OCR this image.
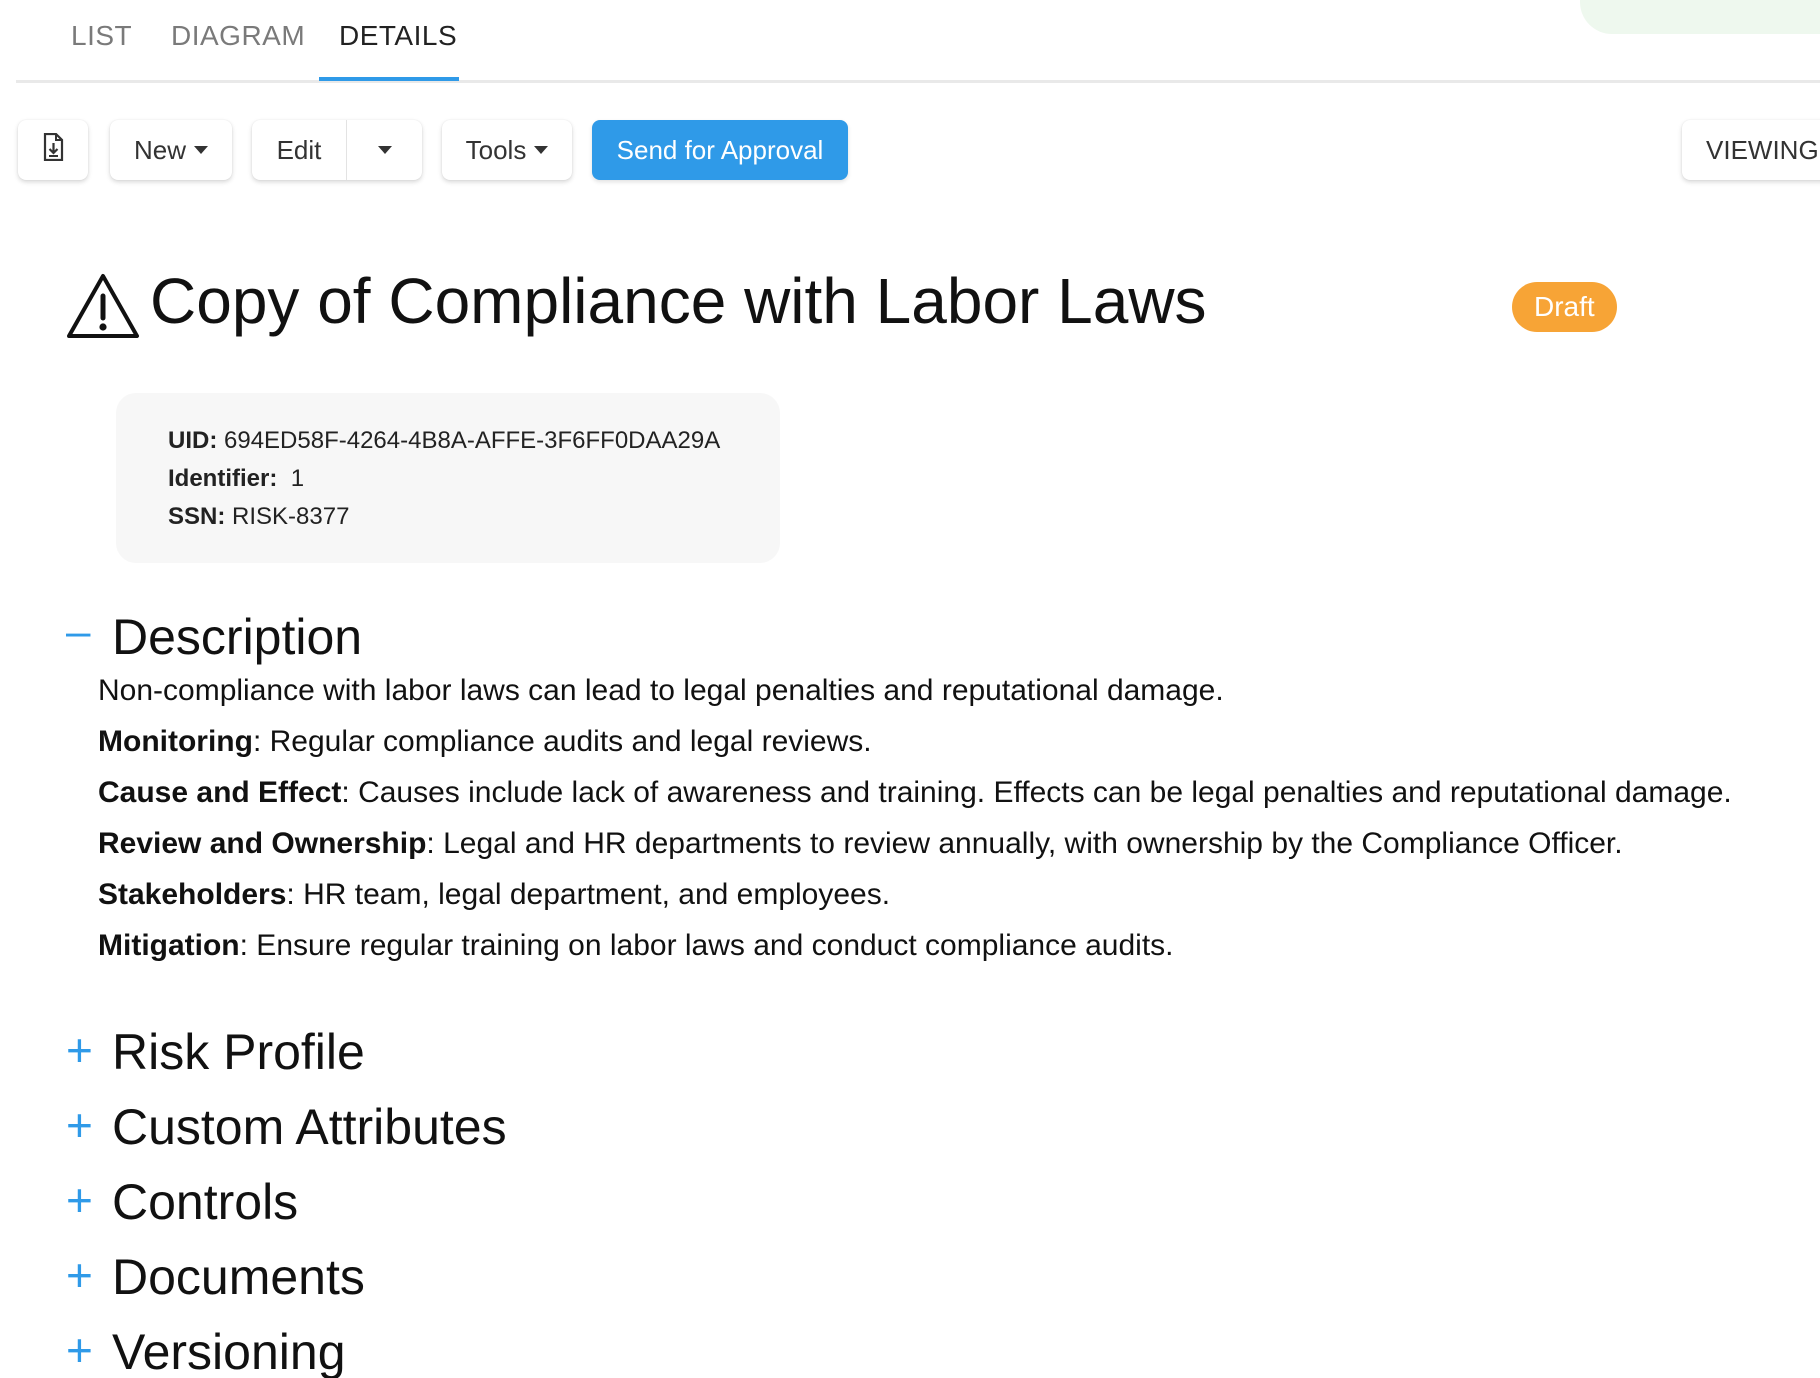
LIST DIAGRAM DETAILS
New	Edit	Tools	Send for Approval	VIEWING
Copy of Compliance with Labor Laws	Draft
UID: 694ED58F-4264-4B8A-AFFE-3F6FF0DAA29A
Identifier: 1
SSN: RISK-8377
– Description
Non-compliance with labor laws can lead to legal penalties and reputational damage.
Monitoring: Regular compliance audits and legal reviews.
Cause and Effect: Causes include lack of awareness and training. Effects can be legal penalties and reputational damage.
Review and Ownership: Legal and HR departments to review annually, with ownership by the Compliance Officer.
Stakeholders: HR team, legal department, and employees.
Mitigation: Ensure regular training on labor laws and conduct compliance audits.
+ Risk Profile
+ Custom Attributes
+ Controls
+ Documents
+ Versioning
